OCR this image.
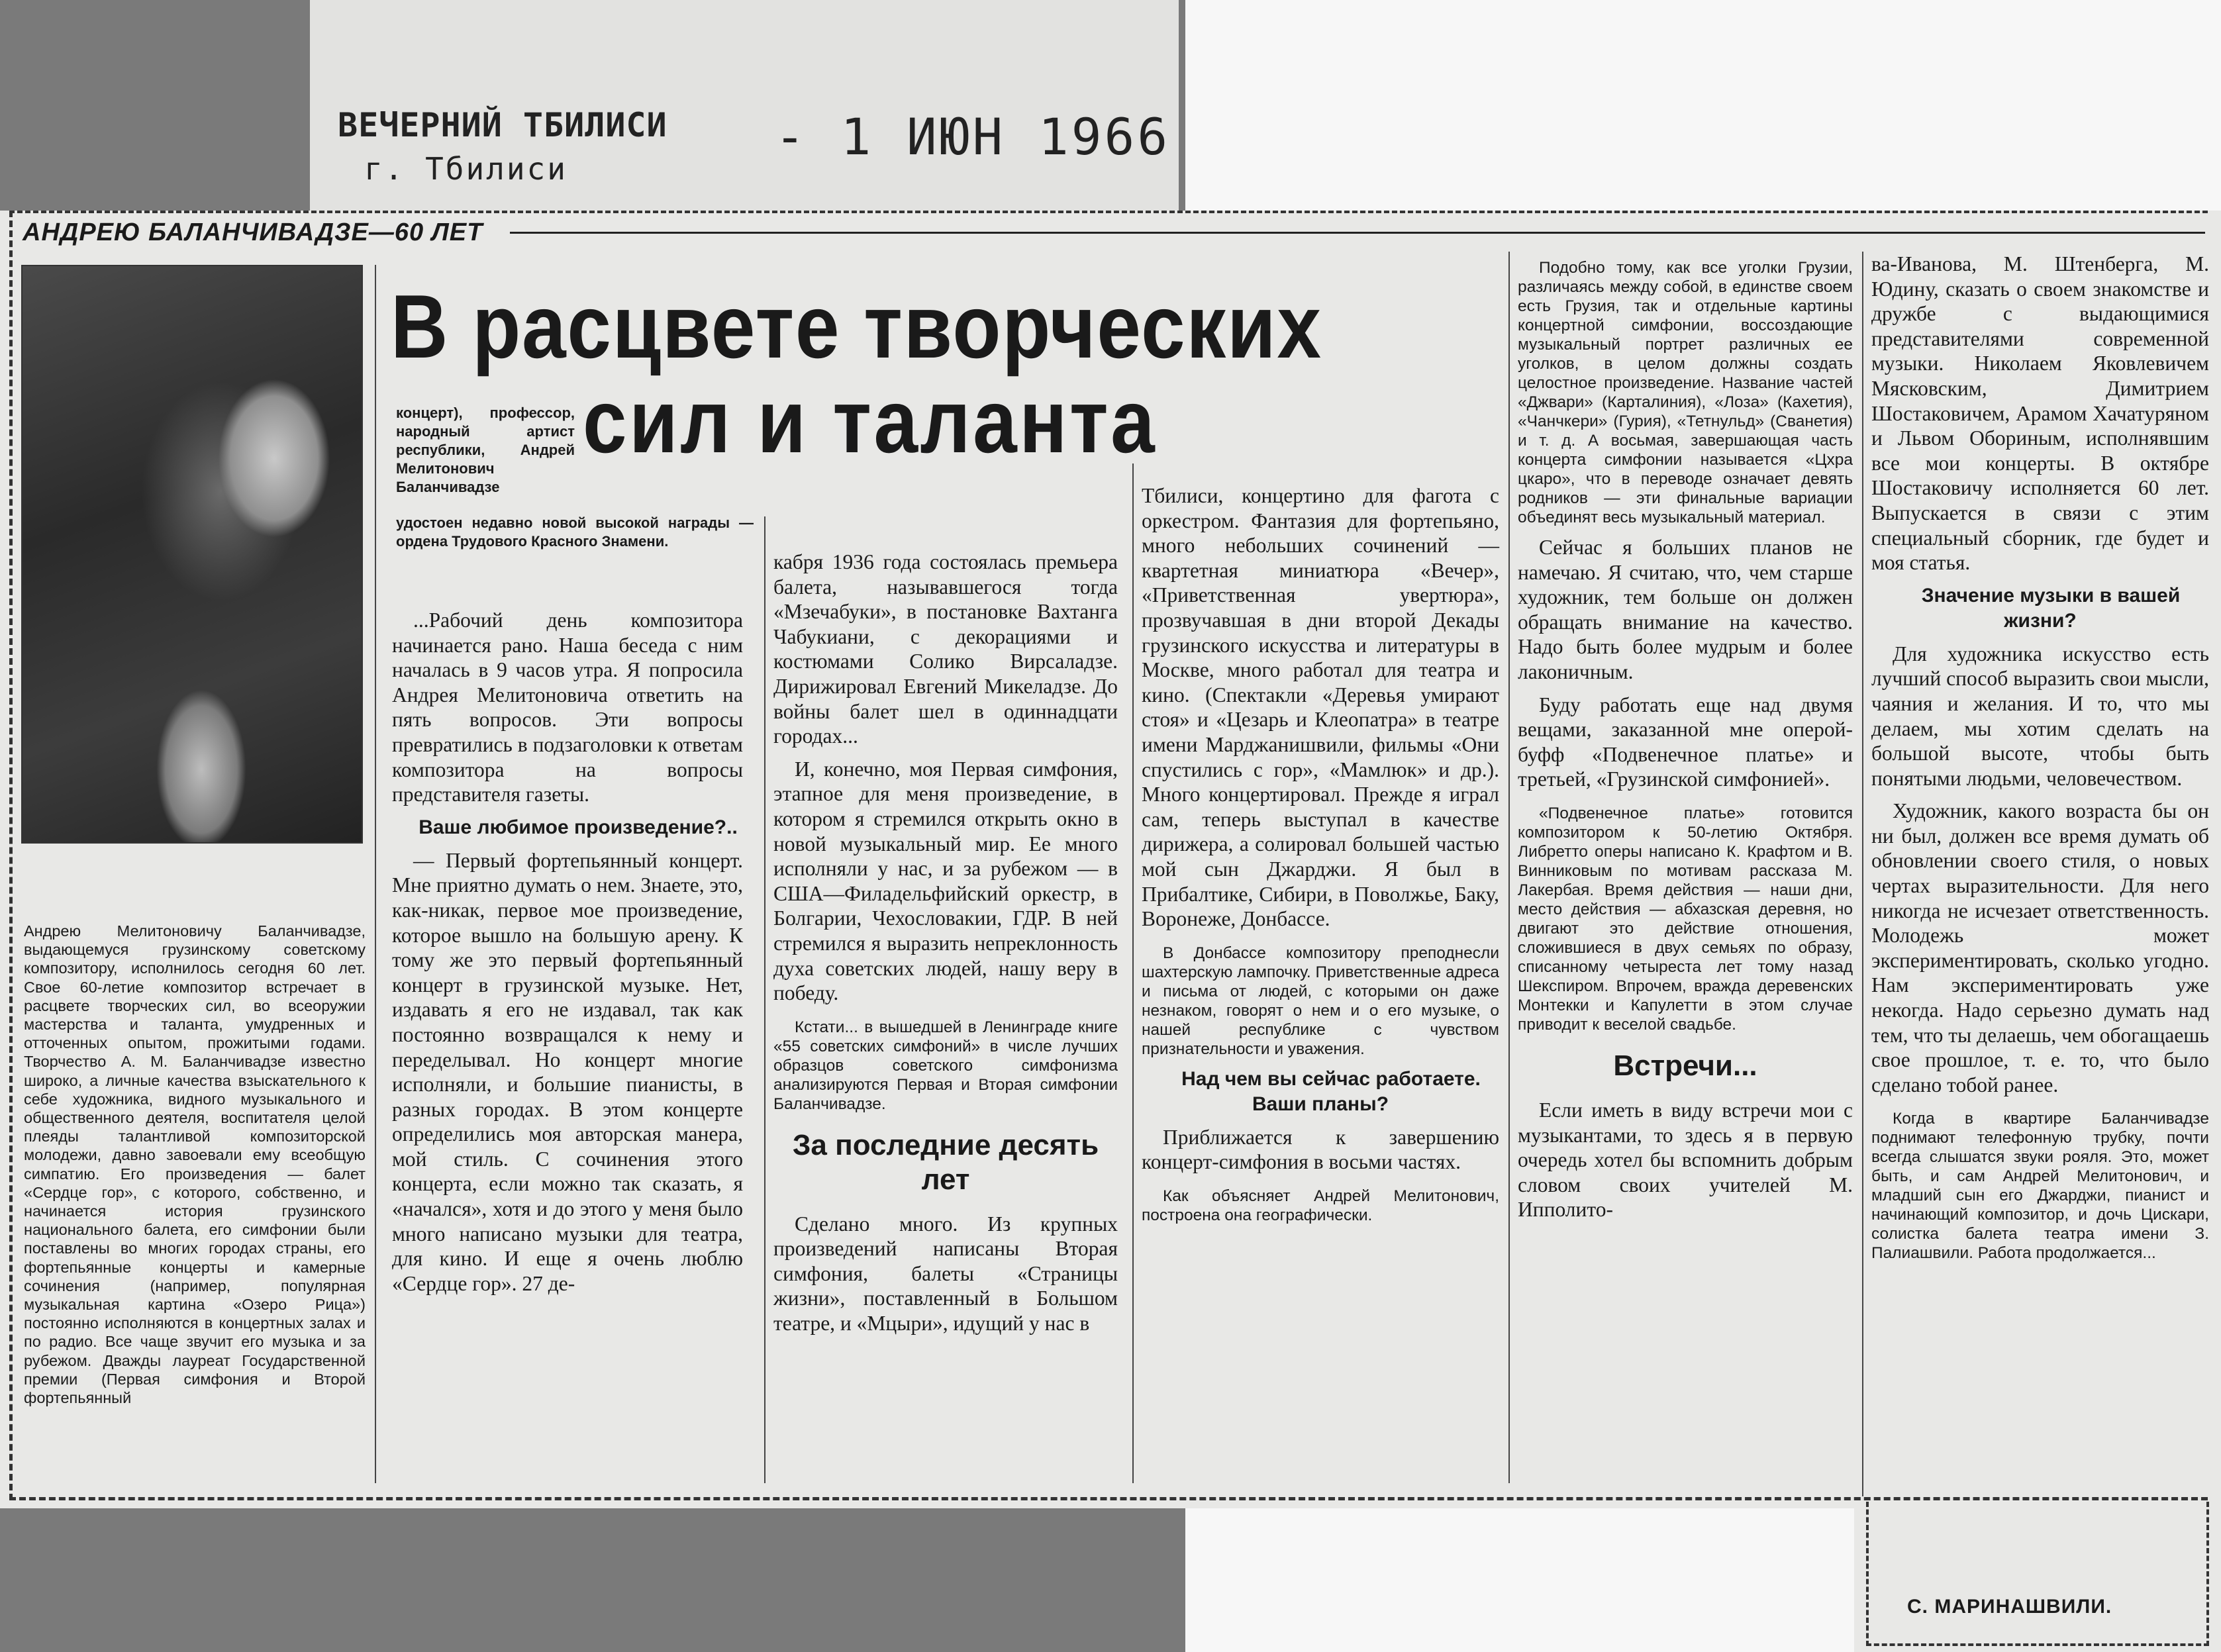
ВЕЧЕРНИЙ ТБИЛИСИ
г. Тбилиси
- 1 ИЮН 1966
АНДРЕЮ БАЛАНЧИВАДЗЕ—60 ЛЕТ
В расцвете творческих
сил и таланта
концерт), профессор, народный артист республики, Андрей Мелитонович Баланчивадзе
удостоен недавно новой высокой награды — ордена Трудового Красного Знамени.
Андрею Мелитоновичу Баланчивадзе, выдающемуся грузинскому советскому композитору, исполнилось сегодня 60 лет. Свое 60-летие композитор встречает в расцвете творческих сил, во всеоружии мастерства и таланта, умудренных и отточенных опытом, прожитыми годами. Творчество А. М. Баланчивадзе известно широко, а личные качества взыскательного к себе художника, видного музыкального и общественного деятеля, воспитателя целой плеяды талантливой композиторской молодежи, давно завоевали ему всеобщую симпатию. Его произведения — балет «Сердце гор», с которого, собственно, и начинается история грузинского национального балета, его симфонии были поставлены во многих городах страны, его фортепьянные концерты и камерные сочинения (например, популярная музыкальная картина «Озеро Рица») постоянно исполняются в концертных залах и по радио. Все чаще звучит его музыка и за рубежом. Дважды лауреат Государственной премии (Первая симфония и Второй фортепьянный

...Рабочий день композитора начинается рано. Наша беседа с ним началась в 9 часов утра. Я попросила Андрея Мелитоновича ответить на пять вопросов. Эти вопросы превратились в подзаголовки к ответам композитора на вопросы представителя газеты.

Ваше любимое произведение?..

— Первый фортепьянный концерт. Мне приятно думать о нем. Знаете, это, как-никак, первое мое произведение, которое вышло на большую арену. К тому же это первый фортепьянный концерт в грузинской музыке. Нет, издавать я его не издавал, так как постоянно возвращался к нему и переделывал. Но концерт многие исполняли, и большие пианисты, в разных городах. В этом концерте определились моя авторская манера, мой стиль. С сочинения этого концерта, если можно так сказать, я «начался», хотя и до этого у меня было много написано музыки для театра, для кино. И еще я очень люблю «Сердце гор». 27 де-

кабря 1936 года состоялась премьера балета, называвшегося тогда «Мзечабуки», в постановке Вахтанга Чабукиани, с декорациями и костюмами Солико Вирсаладзе. Дирижировал Евгений Микеладзе. До войны балет шел в одиннадцати городах...

И, конечно, моя Первая симфония, этапное для меня произведение, в котором я стремился открыть окно в новой музыкальный мир. Ее много исполняли у нас, и за рубежом — в США—Филадельфийский оркестр, в Болгарии, Чехословакии, ГДР. В ней стремился я выразить непреклонность духа советских людей, нашу веру в победу.

Кстати... в вышедшей в Ленинграде книге «55 советских симфоний» в числе лучших образцов советского симфонизма анализируются Первая и Вторая симфонии Баланчивадзе.

За последние десять лет

Сделано много. Из крупных произведений написаны Вторая симфония, балеты «Страницы жизни», поставленный в Большом театре, и «Мцыри», идущий у нас в

Тбилиси, концертино для фагота с оркестром. Фантазия для фортепьяно, много небольших сочинений — квартетная миниатюра «Вечер», «Приветственная увертюра», прозвучавшая в дни второй Декады грузинского искусства и литературы в Москве, много работал для театра и кино. (Спектакли «Деревья умирают стоя» и «Цезарь и Клеопатра» в театре имени Марджанишвили, фильмы «Они спустились с гор», «Мамлюк» и др.). Много концертировал. Прежде я играл сам, теперь выступал в качестве дирижера, а солировал большей частью мой сын Джарджи. Я был в Прибалтике, Сибири, в Поволжье, Баку, Воронеже, Донбассе.

В Донбассе композитору преподнесли шахтерскую лампочку. Приветственные адреса и письма от людей, с которыми он даже незнаком, говорят о нем и о его музыке, о нашей республике с чувством признательности и уважения.

Над чем вы сейчас работаете. Ваши планы?

Приближается к завершению концерт-симфония в восьми частях.

Как объясняет Андрей Мелитонович, построена она географически.

Подобно тому, как все уголки Грузии, различаясь между собой, в единстве своем есть Грузия, так и отдельные картины концертной симфонии, воссоздающие музыкальный портрет различных ее уголков, в целом должны создать целостное произведение. Название частей «Джвари» (Карталиния), «Лоза» (Кахетия), «Чанчкери» (Гурия), «Тетнульд» (Сванетия) и т. д. А восьмая, завершающая часть концерта симфонии называется «Цхра цкаро», что в переводе означает девять родников — эти финальные вариации объединят весь музыкальный материал.

Сейчас я больших планов не намечаю. Я считаю, что, чем старше художник, тем больше он должен обращать внимание на качество. Надо быть более мудрым и более лаконичным.

Буду работать еще над двумя вещами, заказанной мне оперой-буфф «Подвенечное платье» и третьей, «Грузинской симфонией».

«Подвенечное платье» готовится композитором к 50-летию Октября. Либретто оперы написано К. Крафтом и В. Винниковым по мотивам рассказа М. Лакербая. Время действия — наши дни, место действия — абхазская деревня, но двигают это действие отношения, сложившиеся в двух семьях по образу, списанному четыреста лет тому назад Шекспиром. Впрочем, вражда деревенских Монтекки и Капулетти в этом случае приводит к веселой свадьбе.

Встречи...

Если иметь в виду встречи мои с музыкантами, то здесь я в первую очередь хотел бы вспомнить добрым словом своих учителей М. Ипполито-

ва-Иванова, М. Штенберга, М. Юдину, сказать о своем знакомстве и дружбе с выдающимися представителями современной музыки. Николаем Яковлевичем Мясковским, Димитрием Шостаковичем, Арамом Хачатуряном и Львом Обориным, исполнявшим все мои концерты. В октябре Шостаковичу исполняется 60 лет. Выпускается в связи с этим специальный сборник, где будет и моя статья.

Значение музыки в вашей жизни?

Для художника искусство есть лучший способ выразить свои мысли, чаяния и желания. И то, что мы делаем, мы хотим сделать на большой высоте, чтобы быть понятыми людьми, человечеством.

Художник, какого возраста бы он ни был, должен все время думать об обновлении своего стиля, о новых чертах выразительности. Для него никогда не исчезает ответственность. Молодежь может экспериментировать, сколько угодно. Нам экспериментировать уже некогда. Надо серьезно думать над тем, что ты делаешь, чем обогащаешь свое прошлое, т. е. то, что было сделано тобой ранее.

Когда в квартире Баланчивадзе поднимают телефонную трубку, почти всегда слышатся звуки рояля. Это, может быть, и сам Андрей Мелитонович, и младший сын его Джарджи, пианист и начинающий композитор, и дочь Цискари, солистка балета театра имени З. Палиашвили. Работа продолжается...

С. МАРИНАШВИЛИ.
